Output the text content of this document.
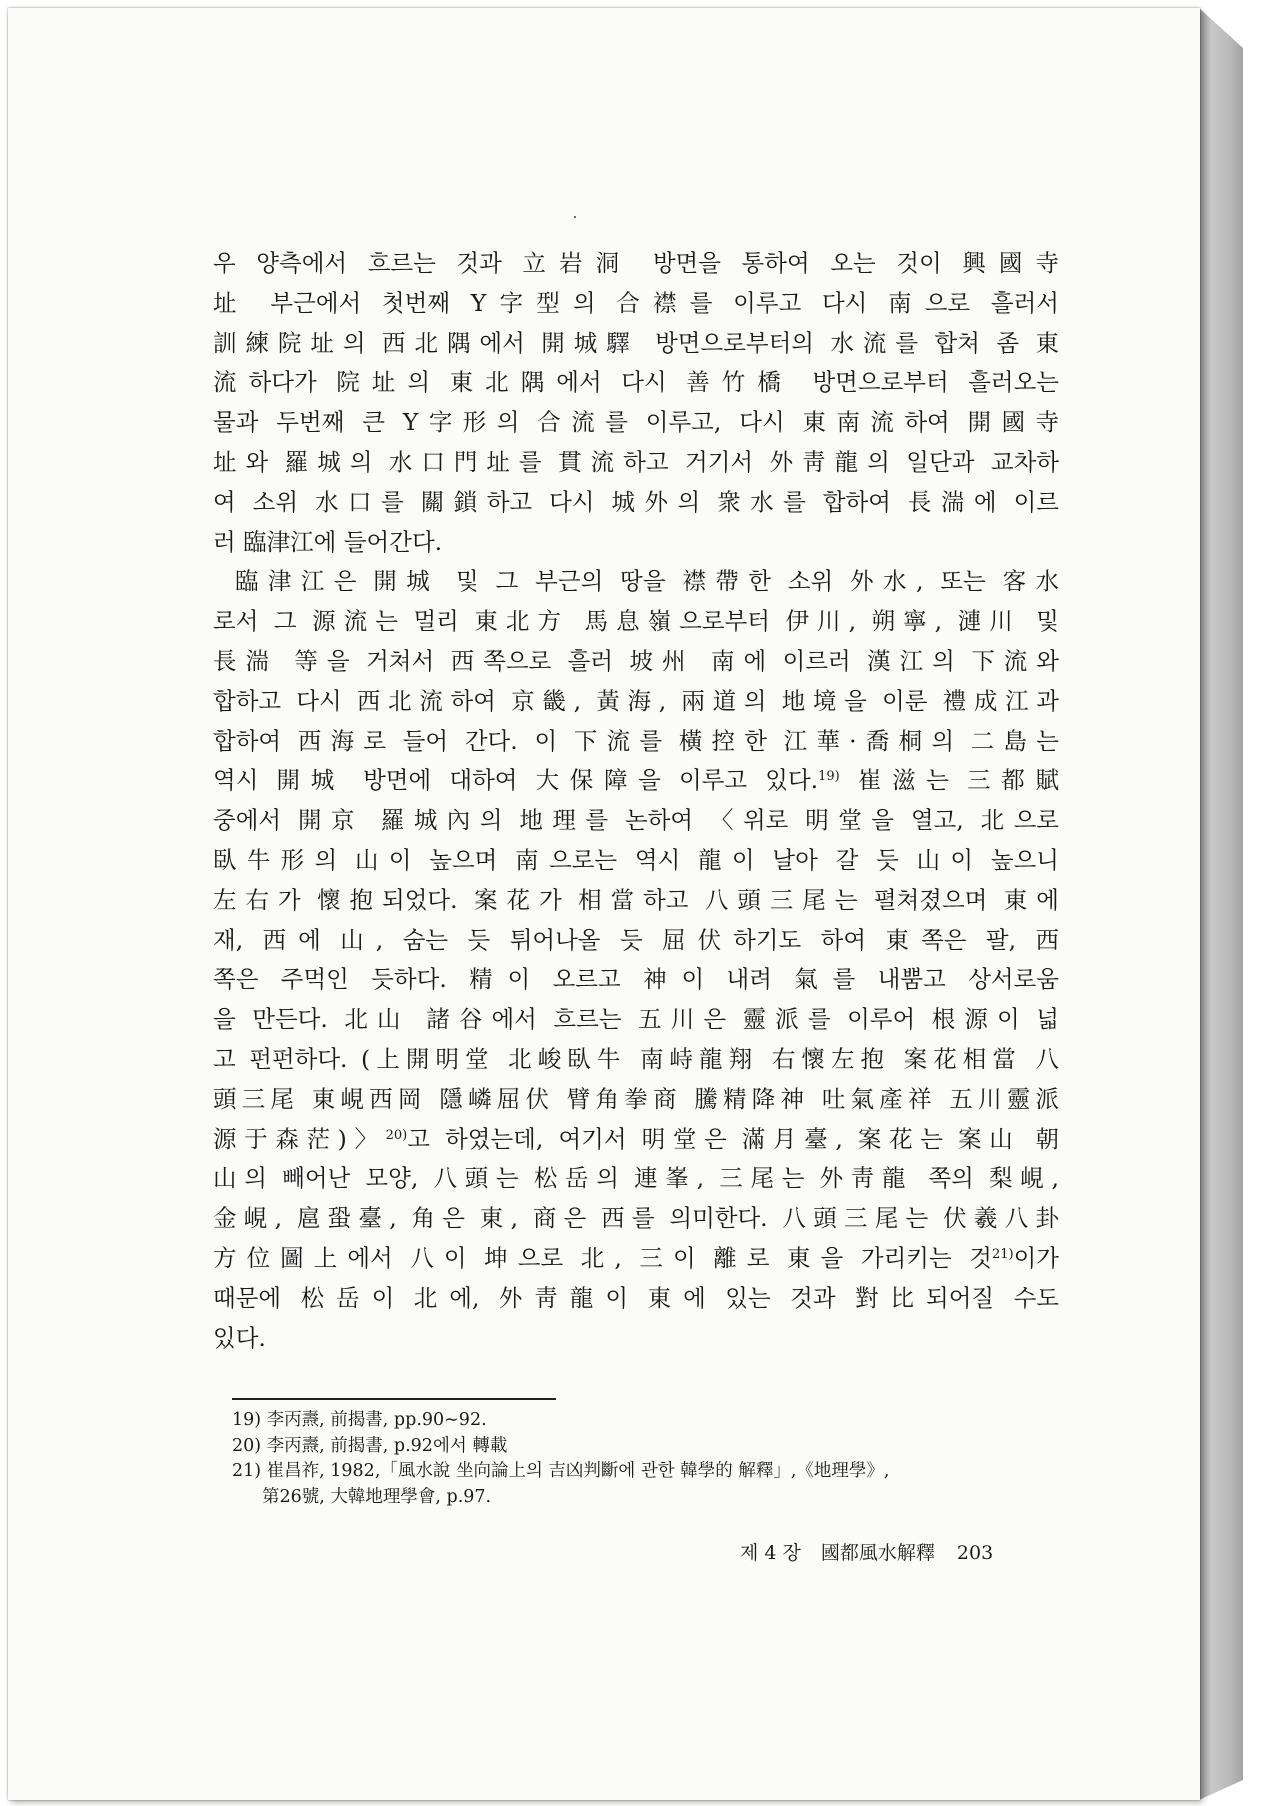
우 양측에서 흐르는 것과 立岩洞 방면을 통하여 오는 것이 興國寺
址 부근에서 첫번째 Y字型의 合襟를 이루고 다시 南으로 흘러서
訓練院址의 西北隅에서 開城驛 방면으로부터의 水流를 합쳐 좀 東
流하다가 院址의 東北隅에서 다시 善竹橋 방면으로부터 흘러오는
물과 두번째 큰 Y字形의 合流를 이루고, 다시 東南流하여 開國寺
址와 羅城의 水口門址를 貫流하고 거기서 外靑龍의 일단과 교차하
여 소위 水口를 關鎖하고 다시 城外의 衆水를 합하여 長湍에 이르
러 臨津江에 들어간다.

臨津江은 開城 및 그 부근의 땅을 襟帶한 소위 外水, 또는 客水
로서 그 源流는 멀리 東北方 馬息嶺으로부터 伊川, 朔寧, 漣川 및
長湍 等을 거쳐서 西쪽으로 흘러 坡州 南에 이르러 漢江의 下流와
합하고 다시 西北流하여 京畿, 黃海, 兩道의 地境을 이룬 禮成江과
합하여 西海로 들어 간다. 이 下流를 橫控한 江華·喬桐의 二島는
역시 開城 방면에 대하여 大保障을 이루고 있다.$^{19)}$ 崔滋는 三都賦
중에서 開京 羅城內의 地理를 논하여 〈위로 明堂을 열고, 北으로
臥牛形의 山이 높으며 南으로는 역시 龍이 날아 갈 듯 山이 높으니
左右가 懷抱되었다. 案花가 相當하고 八頭三尾는 펼쳐졌으며 東에
재, 西에 山, 숨는 듯 튀어나올 듯 屈伏하기도 하여 東쪽은 팔, 西
쪽은 주먹인 듯하다. 精이 오르고 神이 내려 氣를 내뿜고 상서로움
을 만든다. 北山 諸谷에서 흐르는 五川은 靈派를 이루어 根源이 넓
고 펀펀하다. (上開明堂 北峻臥牛 南峙龍翔 右懷左抱 案花相當 八
頭三尾 東峴西岡 隱嶙屈伏 臂角拳商 騰精降神 吐氣產祥 五川靈派
源于森茫)〉$^{20)}$고 하였는데, 여기서 明堂은 滿月臺, 案花는 案山 朝
山의 빼어난 모양, 八頭는 松岳의 連峯, 三尾는 外靑龍 쪽의 梨峴,
金峴, 扈蛩臺, 角은 東, 商은 西를 의미한다. 八頭三尾는 伏羲八卦
方位圖上에서 八이 坤으로 北, 三이 離로 東을 가리키는 것$^{21)}$이가
때문에 松岳이 北에, 外靑龍이 東에 있는 것과 對比되어질 수도
있다.

19) 李丙燾, 前揭書, pp.90∼92.
20) 李丙燾, 前揭書, p.92에서 轉載
21) 崔昌祚, 1982,「風水說 坐向論上의 吉凶判斷에 관한 韓學的 解釋」,《地理學》,
第26號, 大韓地理學會, p.97.
제 4 장 國都風水解釋 203
